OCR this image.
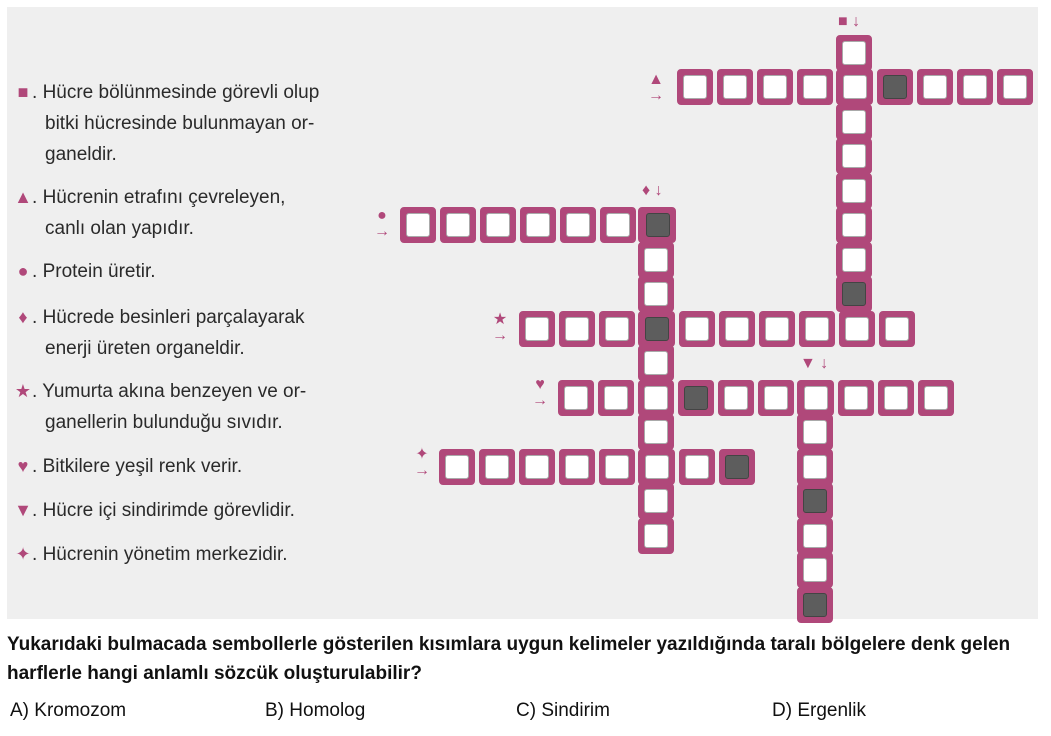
■ . Hücre bölünmesinde görevli olup
bitki hücresinde bulunmayan or-
ganeldir.
▲. Hücrenin etrafını çevreleyen,
canlı olan yapıdır.
● . Protein üretir.
♦ . Hücrede besinleri parçalayarak
enerji üreten organeldir.
★. Yumurta akına benzeyen ve or-
ganellerin bulunduğu sıvıdır.
♥ . Bitkilere yeşil renk verir.
▼. Hücre içi sindirimde görevlidir.
✦. Hücrenin yönetim merkezidir.
■ ↓
▲
→
●
→
♦ ↓
★
→
♥
→
▼ ↓
✦
→
Yukarıdaki bulmacada sembollerle gösterilen kısımlara uygun kelimeler yazıldığında taralı bölgelere denk gelen harflerle hangi anlamlı sözcük oluşturulabilir?
A) Kromozom	B) Homolog	C) Sindirim	D) Ergenlik
